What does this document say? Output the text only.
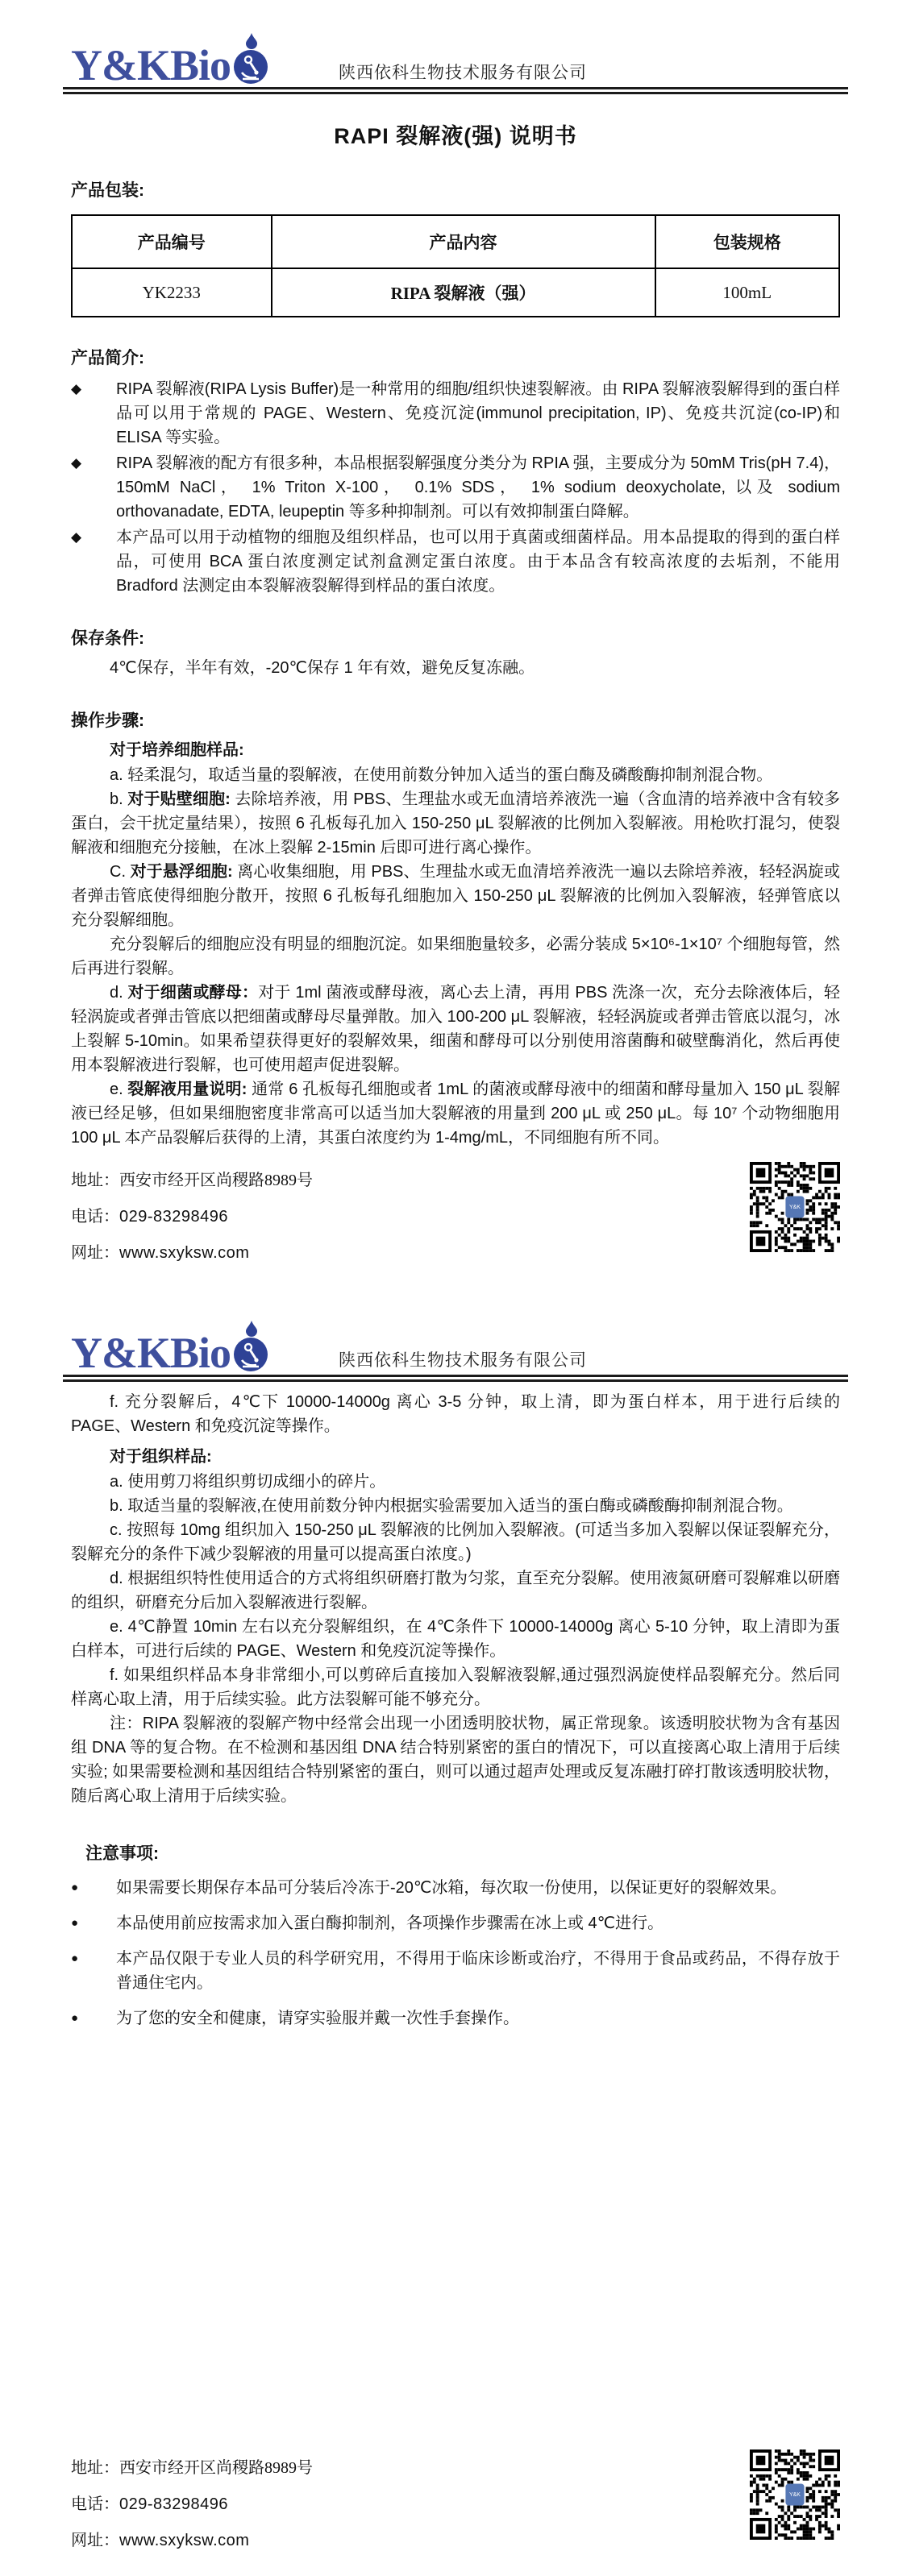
Y&KBio	陕西依科生物技术服务有限公司
RAPI 裂解液(强) 说明书
产品包装:
产品编号	产品内容	包装规格
YK2233	RIPA 裂解液（强）	100mL
产品简介:
◆	RIPA 裂解液(RIPA Lysis Buffer)是一种常用的细胞/组织快速裂解液。由 RIPA 裂解液裂解得到的蛋白样品可以用于常规的 PAGE、Western、免疫沉淀(immunol precipitation, IP)、免疫共沉淀(co-IP)和 ELISA 等实验。
◆	RIPA 裂解液的配方有很多种，本品根据裂解强度分类分为 RPIA 强，主要成分为 50mM Tris(pH 7.4)， 150mM NaCl， 1% Triton X-100， 0.1% SDS， 1% sodium deoxycholate, 以及 sodium orthovanadate, EDTA, leupeptin 等多种抑制剂。可以有效抑制蛋白降解。
◆	本产品可以用于动植物的细胞及组织样品，也可以用于真菌或细菌样品。用本品提取的得到的蛋白样品，可使用 BCA 蛋白浓度测定试剂盒测定蛋白浓度。由于本品含有较高浓度的去垢剂，不能用 Bradford 法测定由本裂解液裂解得到样品的蛋白浓度。
保存条件:

4℃保存，半年有效，-20℃保存 1 年有效，避免反复冻融。

操作步骤:
对于培养细胞样品:

a. 轻柔混匀，取适当量的裂解液，在使用前数分钟加入适当的蛋白酶及磷酸酶抑制剂混合物。

b. 对于贴壁细胞: 去除培养液，用 PBS、生理盐水或无血清培养液洗一遍（含血清的培养液中含有较多蛋白，会干扰定量结果），按照 6 孔板每孔加入 150-250 μL 裂解液的比例加入裂解液。用枪吹打混匀，使裂解液和细胞充分接触，在冰上裂解 2-15min 后即可进行离心操作。

C. 对于悬浮细胞: 离心收集细胞，用 PBS、生理盐水或无血清培养液洗一遍以去除培养液，轻轻涡旋或者弹击管底使得细胞分散开，按照 6 孔板每孔细胞加入 150-250 μL 裂解液的比例加入裂解液，轻弹管底以充分裂解细胞。

充分裂解后的细胞应没有明显的细胞沉淀。如果细胞量较多，必需分装成 5×10⁶-1×10⁷ 个细胞每管，然后再进行裂解。

d. 对于细菌或酵母：对于 1ml 菌液或酵母液，离心去上清，再用 PBS 洗涤一次，充分去除液体后，轻轻涡旋或者弹击管底以把细菌或酵母尽量弹散。加入 100-200 μL 裂解液，轻轻涡旋或者弹击管底以混匀，冰上裂解 5-10min。如果希望获得更好的裂解效果，细菌和酵母可以分别使用溶菌酶和破壁酶消化，然后再使用本裂解液进行裂解，也可使用超声促进裂解。

e. 裂解液用量说明: 通常 6 孔板每孔细胞或者 1mL 的菌液或酵母液中的细菌和酵母量加入 150 μL 裂解液已经足够，但如果细胞密度非常高可以适当加大裂解液的用量到 200 μL 或 250 μL。每 10⁷ 个动物细胞用 100 μL 本产品裂解后获得的上清，其蛋白浓度约为 1-4mg/mL，不同细胞有所不同。

地址：西安市经开区尚稷路8989号
电话：029-83298496
网址：www.sxyksw.com
Y&K
Y&KBio	陕西依科生物技术服务有限公司

f. 充分裂解后，4℃下 10000-14000g 离心 3-5 分钟，取上清，即为蛋白样本，用于进行后续的 PAGE、Western 和免疫沉淀等操作。

对于组织样品:

a. 使用剪刀将组织剪切成细小的碎片。

b. 取适当量的裂解液,在使用前数分钟内根据实验需要加入适当的蛋白酶或磷酸酶抑制剂混合物。

c. 按照每 10mg 组织加入 150-250 μL 裂解液的比例加入裂解液。(可适当多加入裂解以保证裂解充分，裂解充分的条件下减少裂解液的用量可以提高蛋白浓度。)

d. 根据组织特性使用适合的方式将组织研磨打散为匀浆，直至充分裂解。使用液氮研磨可裂解难以研磨的组织，研磨充分后加入裂解液进行裂解。

e. 4℃静置 10min 左右以充分裂解组织，在 4℃条件下 10000-14000g 离心 5-10 分钟，取上清即为蛋白样本，可进行后续的 PAGE、Western 和免疫沉淀等操作。

f. 如果组织样品本身非常细小,可以剪碎后直接加入裂解液裂解,通过强烈涡旋使样品裂解充分。然后同样离心取上清，用于后续实验。此方法裂解可能不够充分。

注：RIPA 裂解液的裂解产物中经常会出现一小团透明胶状物，属正常现象。该透明胶状物为含有基因组 DNA 等的复合物。在不检测和基因组 DNA 结合特别紧密的蛋白的情况下，可以直接离心取上清用于后续实验; 如果需要检测和基因组结合特别紧密的蛋白，则可以通过超声处理或反复冻融打碎打散该透明胶状物，随后离心取上清用于后续实验。

注意事项:
●	如果需要长期保存本品可分装后冷冻于-20℃冰箱，每次取一份使用，以保证更好的裂解效果。
●	本品使用前应按需求加入蛋白酶抑制剂，各项操作步骤需在冰上或 4℃进行。
●	本产品仅限于专业人员的科学研究用，不得用于临床诊断或治疗，不得用于食品或药品，不得存放于普通住宅内。
●	为了您的安全和健康，请穿实验服并戴一次性手套操作。
地址：西安市经开区尚稷路8989号
电话：029-83298496
网址：www.sxyksw.com
Y&K
